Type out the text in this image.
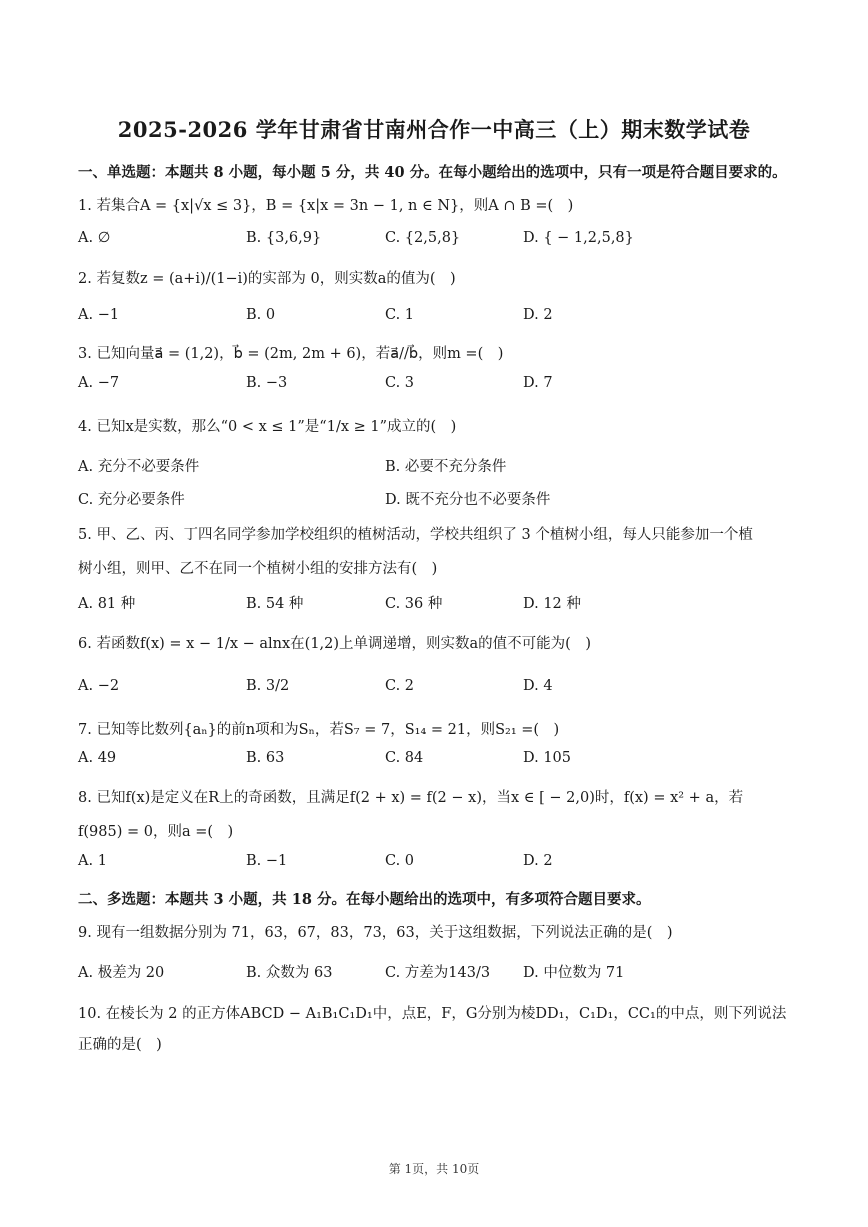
2025-2026 学年甘肃省甘南州合作一中高三（上）期末数学试卷
一、单选题：本题共 8 小题，每小题 5 分，共 40 分。在每小题给出的选项中，只有一项是符合题目要求的。
1. 若集合A = {x|√x ≤ 3}，B = {x|x = 3n − 1, n ∈ N}，则A ∩ B =(　)
A. ∅	B. {3,6,9}	C. {2,5,8}	D. { − 1,2,5,8}
2. 若复数z = (a+i)/(1−i)的实部为 0，则实数a的值为(　)
A. −1	B. 0	C. 1	D. 2
3. 已知向量a⃗ = (1,2)，b⃗ = (2m, 2m + 6)，若a⃗//b⃗，则m =(　)
A. −7	B. −3	C. 3	D. 7
4. 已知x是实数，那么“0 < x ≤ 1”是“1/x ≥ 1”成立的(　)
A. 充分不必要条件	B. 必要不充分条件
C. 充分必要条件	D. 既不充分也不必要条件
5. 甲、乙、丙、丁四名同学参加学校组织的植树活动，学校共组织了 3 个植树小组，每人只能参加一个植
树小组，则甲、乙不在同一个植树小组的安排方法有(　)
A. 81 种	B. 54 种	C. 36 种	D. 12 种
6. 若函数f(x) = x − 1/x − alnx在(1,2)上单调递增，则实数a的值不可能为(　)
A. −2	B. 3/2	C. 2	D. 4
7. 已知等比数列{aₙ}的前n项和为Sₙ，若S₇ = 7，S₁₄ = 21，则S₂₁ =(　)
A. 49	B. 63	C. 84	D. 105
8. 已知f(x)是定义在R上的奇函数，且满足f(2 + x) = f(2 − x)，当x ∈ [ − 2,0)时，f(x) = x² + a，若
f(985) = 0，则a =(　)
A. 1	B. −1	C. 0	D. 2
二、多选题：本题共 3 小题，共 18 分。在每小题给出的选项中，有多项符合题目要求。
9. 现有一组数据分别为 71，63，67，83，73，63，关于这组数据，下列说法正确的是(　)
A. 极差为 20	B. 众数为 63	C. 方差为143/3 D. 中位数为 71
10. 在棱长为 2 的正方体ABCD − A₁B₁C₁D₁中，点E，F，G分别为棱DD₁，C₁D₁，CC₁的中点，则下列说法
正确的是(　)
第 1页，共 10页
